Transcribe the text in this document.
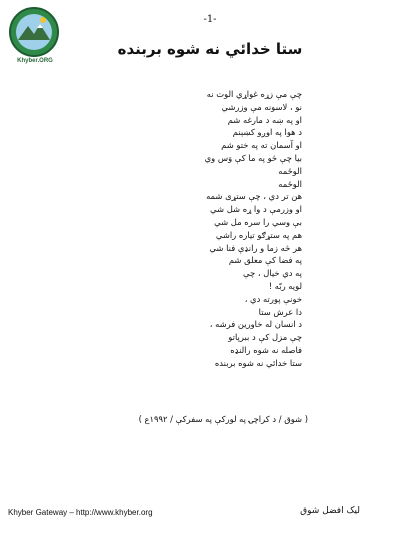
Khyber.ORG
-1-
ستا خدائي نه شوه بربنده
چې مې زړه غواړي الوت نه
نو ، لاسونه مې وزرشي
او په ښه د مارغه شم
د هوا په اوږو کښېنم
او آسمان ته په ختو شم
بیا چې څو په ما کې وَس وي
الوځمه
الوځمه
هن تر دي ، چې ستړی شمه
او وزرمې د وا ړه شل شي
بې وسي را سره مل شي
هم په ستړګو تیاره راشي
هر څه زما و رانډې فنا شي
په فضا کې معلق شم
په دي خیال ، چې
لویه ربّه !
خونې پورته دي ،
دا عرش ستا
د انسان له خاورین فرشه ،
چې مزل کې د ببرپاتو
فاصله نه شوه رالنډه
ستا خدائي نه شوه بربنده
( شوق / د کراچۍ په لورکې په سفرکې / ١٩٩٢ع )
Khyber Gateway – http://www.khyber.org	لیک افضل شوق
